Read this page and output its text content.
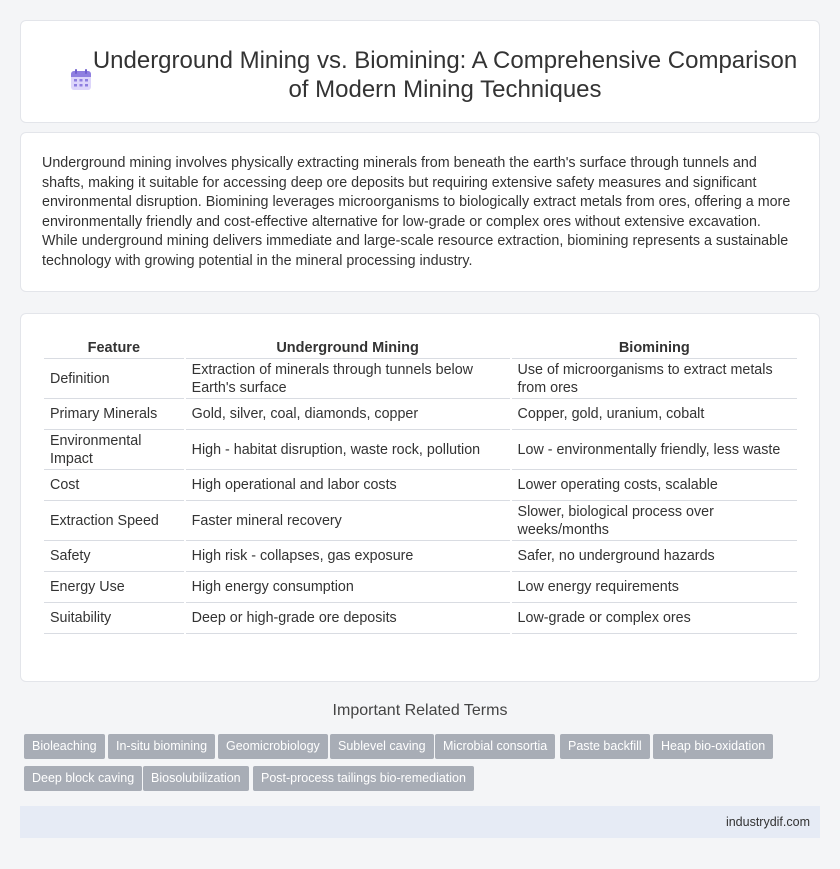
Underground Mining vs. Biomining: A Comprehensive Comparison of Modern Mining Techniques

Underground mining involves physically extracting minerals from beneath the earth's surface through tunnels and shafts, making it suitable for accessing deep ore deposits but requiring extensive safety measures and significant environmental disruption. Biomining leverages microorganisms to biologically extract metals from ores, offering a more environmentally friendly and cost-effective alternative for low-grade or complex ores without extensive excavation. While underground mining delivers immediate and large-scale resource extraction, biomining represents a sustainable technology with growing potential in the mineral processing industry.

Feature	Underground Mining	Biomining
Definition	Extraction of minerals through tunnels below Earth's surface	Use of microorganisms to extract metals from ores
Primary Minerals	Gold, silver, coal, diamonds, copper	Copper, gold, uranium, cobalt
Environmental Impact	High - habitat disruption, waste rock, pollution	Low - environmentally friendly, less waste
Cost	High operational and labor costs	Lower operating costs, scalable
Extraction Speed	Faster mineral recovery	Slower, biological process over weeks/months
Safety	High risk - collapses, gas exposure	Safer, no underground hazards
Energy Use	High energy consumption	Low energy requirements
Suitability	Deep or high-grade ore deposits	Low-grade or complex ores
Important Related Terms
Bioleaching	In-situ biomining	Geomicrobiology	Sublevel caving	Microbial consortia	Paste backfill	Heap bio-oxidation
Deep block caving	Biosolubilization	Post-process tailings bio-remediation
industrydif.com
